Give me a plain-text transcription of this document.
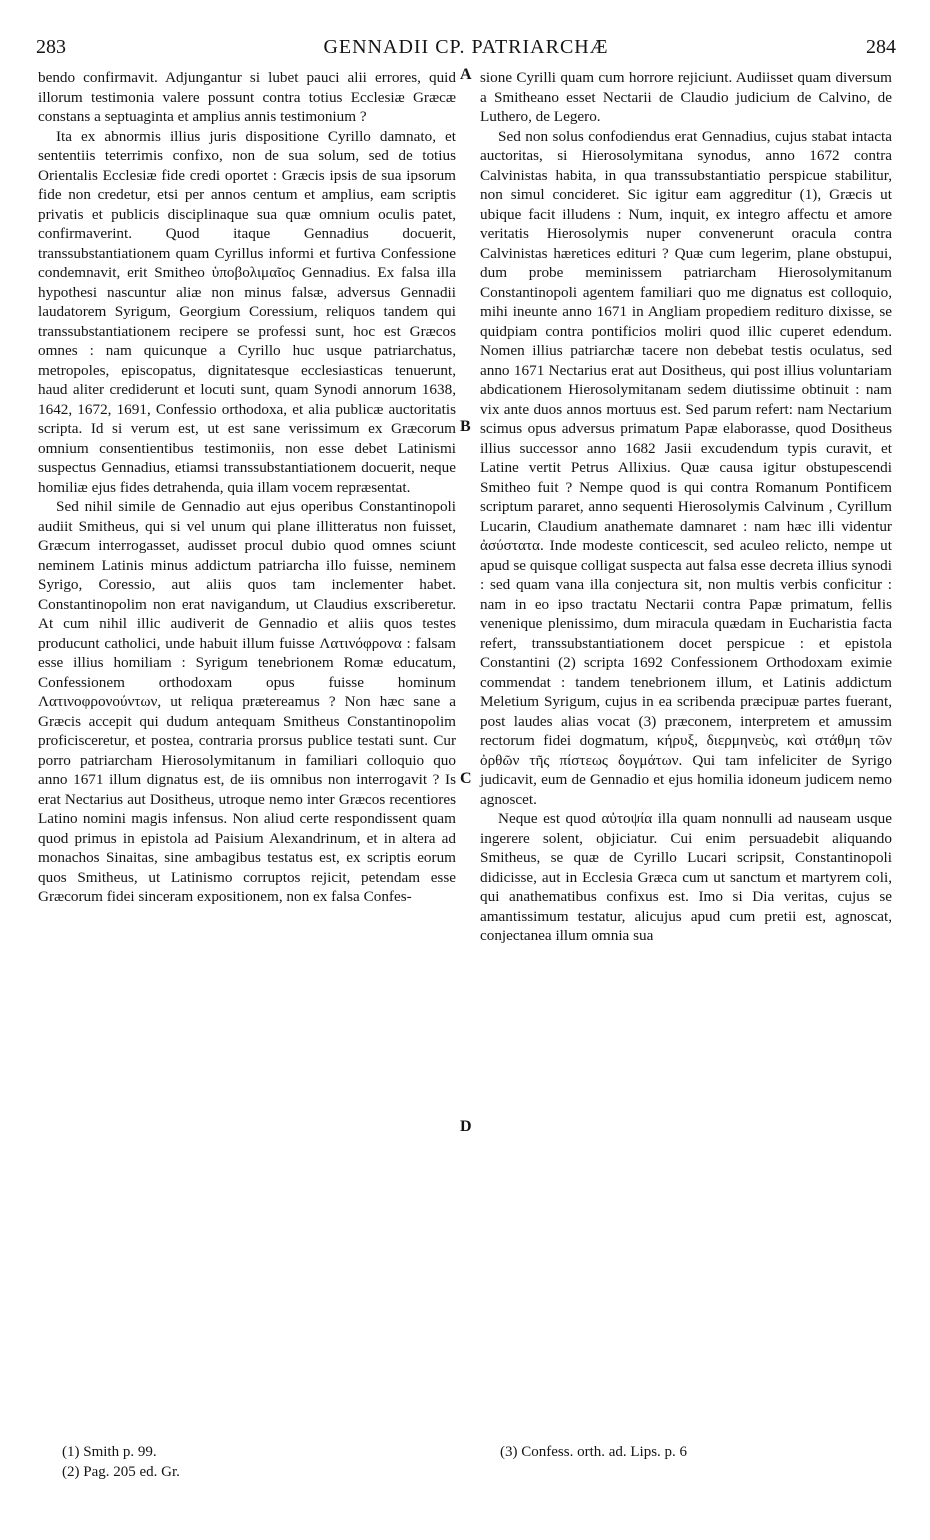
283	GENNADII CP. PATRIARCHÆ	284

bendo confirmavit. Adjungantur si lubet pauci alii errores, quid illorum testimonia valere possunt contra totius Ecclesiæ Græcæ constans a septuaginta et amplius annis testimonium ?

Ita ex abnormis illius juris dispositione Cyrillo damnato, et sententiis teterrimis confixo, non de sua solum, sed de totius Orientalis Ecclesiæ fide credi oportet : Græcis ipsis de sua ipsorum fide non credetur, etsi per annos centum et amplius, eam scriptis privatis et publicis disciplinaque sua quæ omnium oculis patet, confirmaverint. Quod itaque Gennadius docuerit, transsubstantiationem quam Cyrillus informi et furtiva Confessione condemnavit, erit Smitheo ὑποβολιμαῖος Gennadius. Ex falsa illa hypothesi nascuntur aliæ non minus falsæ, adversus Gennadii laudatorem Syrigum, Georgium Coressium, reliquos tandem qui transsubstantiationem recipere se professi sunt, hoc est Græcos omnes : nam quicunque a Cyrillo huc usque patriarchatus, metropoles, episcopatus, dignitatesque ecclesiasticas tenuerunt, haud aliter crediderunt et locuti sunt, quam Synodi annorum 1638, 1642, 1672, 1691, Confessio orthodoxa, et alia publicæ auctoritatis scripta. Id si verum est, ut est sane verissimum ex Græcorum omnium consentientibus testimoniis, non esse debet Latinismi suspectus Gennadius, etiamsi transsubstantiationem docuerit, neque homiliæ ejus fides detrahenda, quia illam vocem repræsentat.

Sed nihil simile de Gennadio aut ejus operibus Constantinopoli audiit Smitheus, qui si vel unum qui plane illitteratus non fuisset, Græcum interrogasset, audisset procul dubio quod omnes sciunt neminem Latinis minus addictum patriarcha illo fuisse, neminem Syrigo, Coressio, aut aliis quos tam inclementer habet. Constantinopolim non erat navigandum, ut Claudius exscriberetur. At cum nihil illic audiverit de Gennadio et aliis quos testes producunt catholici, unde habuit illum fuisse Λατινόφρονα : falsam esse illius homiliam : Syrigum tenebrionem Romæ educatum, Confessionem orthodoxam opus fuisse hominum Λατινοφρονούντων, ut reliqua prætereamus ? Non hæc sane a Græcis accepit qui dudum antequam Smitheus Constantinopolim proficisceretur, et postea, contraria prorsus publice testati sunt. Cur porro patriarcham Hierosolymitanum in familiari colloquio quo anno 1671 illum dignatus est, de iis omnibus non interrogavit ? Is erat Nectarius aut Dositheus, utroque nemo inter Græcos recentiores Latino nomini magis infensus. Non aliud certe respondissent quam quod primus in epistola ad Paisium Alexandrinum, et in altera ad monachos Sinaitas, sine ambagibus testatus est, ex scriptis eorum quos Smitheus, ut Latinismo corruptos rejicit, petendam esse Græcorum fidei sinceram expositionem, non ex falsa Confes-

sione Cyrilli quam cum horrore rejiciunt. Audiisset quam diversum a Smitheano esset Nectarii de Claudio judicium de Calvino, de Luthero, de Legero.

Sed non solus confodiendus erat Gennadius, cujus stabat intacta auctoritas, si Hierosolymitana synodus, anno 1672 contra Calvinistas habita, in qua transsubstantiatio perspicue stabilitur, non simul concideret. Sic igitur eam aggreditur (1), Græcis ut ubique facit illudens : Num, inquit, ex integro affectu et amore veritatis Hierosolymis nuper convenerunt oracula contra Calvinistas hæretices edituri ? Quæ cum legerim, plane obstupui, dum probe meminissem patriarcham Hierosolymitanum Constantinopoli agentem familiari quo me dignatus est colloquio, mihi ineunte anno 1671 in Angliam propediem redituro dixisse, se quidpiam contra pontificios moliri quod illic cuperet edendum. Nomen illius patriarchæ tacere non debebat testis oculatus, sed anno 1671 Nectarius erat aut Dositheus, qui post illius voluntariam abdicationem Hierosolymitanam sedem diutissime obtinuit : nam vix ante duos annos mortuus est. Sed parum refert: nam Nectarium scimus opus adversus primatum Papæ elaborasse, quod Dositheus illius successor anno 1682 Jasii excudendum typis curavit, et Latine vertit Petrus Allixius. Quæ causa igitur obstupescendi Smitheo fuit ? Nempe quod is qui contra Romanum Pontificem scriptum pararet, anno sequenti Hierosolymis Calvinum , Cyrillum Lucarin, Claudium anathemate damnaret : nam hæc illi videntur ἀσύστατα. Inde modeste conticescit, sed aculeo relicto, nempe ut apud se quisque colligat suspecta aut falsa esse decreta illius synodi : sed quam vana illa conjectura sit, non multis verbis conficitur : nam in eo ipso tractatu Nectarii contra Papæ primatum, fellis veneniquе plenissimo, dum miracula quædam in Eucharistia facta refert, transsubstantiationem docet perspicue : et epistola Constantini (2) scripta 1692 Confessionem Orthodoxam eximie commendat : tandem tenebrionem illum, et Latinis addictum Meletium Syrigum, cujus in ea scribenda præcipuæ partes fuerant, post laudes alias vocat (3) præconem, interpretem et amussim rectorum fidei dogmatum, κήρυξ, διερμηνεὺς, καὶ στάθμη τῶν ὀρθῶν τῆς πίστεως δογμάτων. Qui tam infeliciter de Syrigo judicavit, eum de Gennadio et ejus homilia idoneum judicem nemo agnoscet.

Neque est quod αὐτοψία illa quam nonnulli ad nauseam usque ingerere solent, objiciatur. Cui enim persuadebit aliquando Smitheus, se quæ de Cyrillo Lucari scripsit, Constantinopoli didicisse, aut in Ecclesia Græca cum ut sanctum et martyrem coli, qui anathematibus confixus est. Imo si Dia veritas, cujus se amantissimum testatur, alicujus apud cum pretii est, agnoscat, conjectanea illum omnia sua

A
B
C
D
(1) Smith p. 99.
(2) Pag. 205 ed. Gr.
(3) Confess. orth. ad. Lips. p. 6
